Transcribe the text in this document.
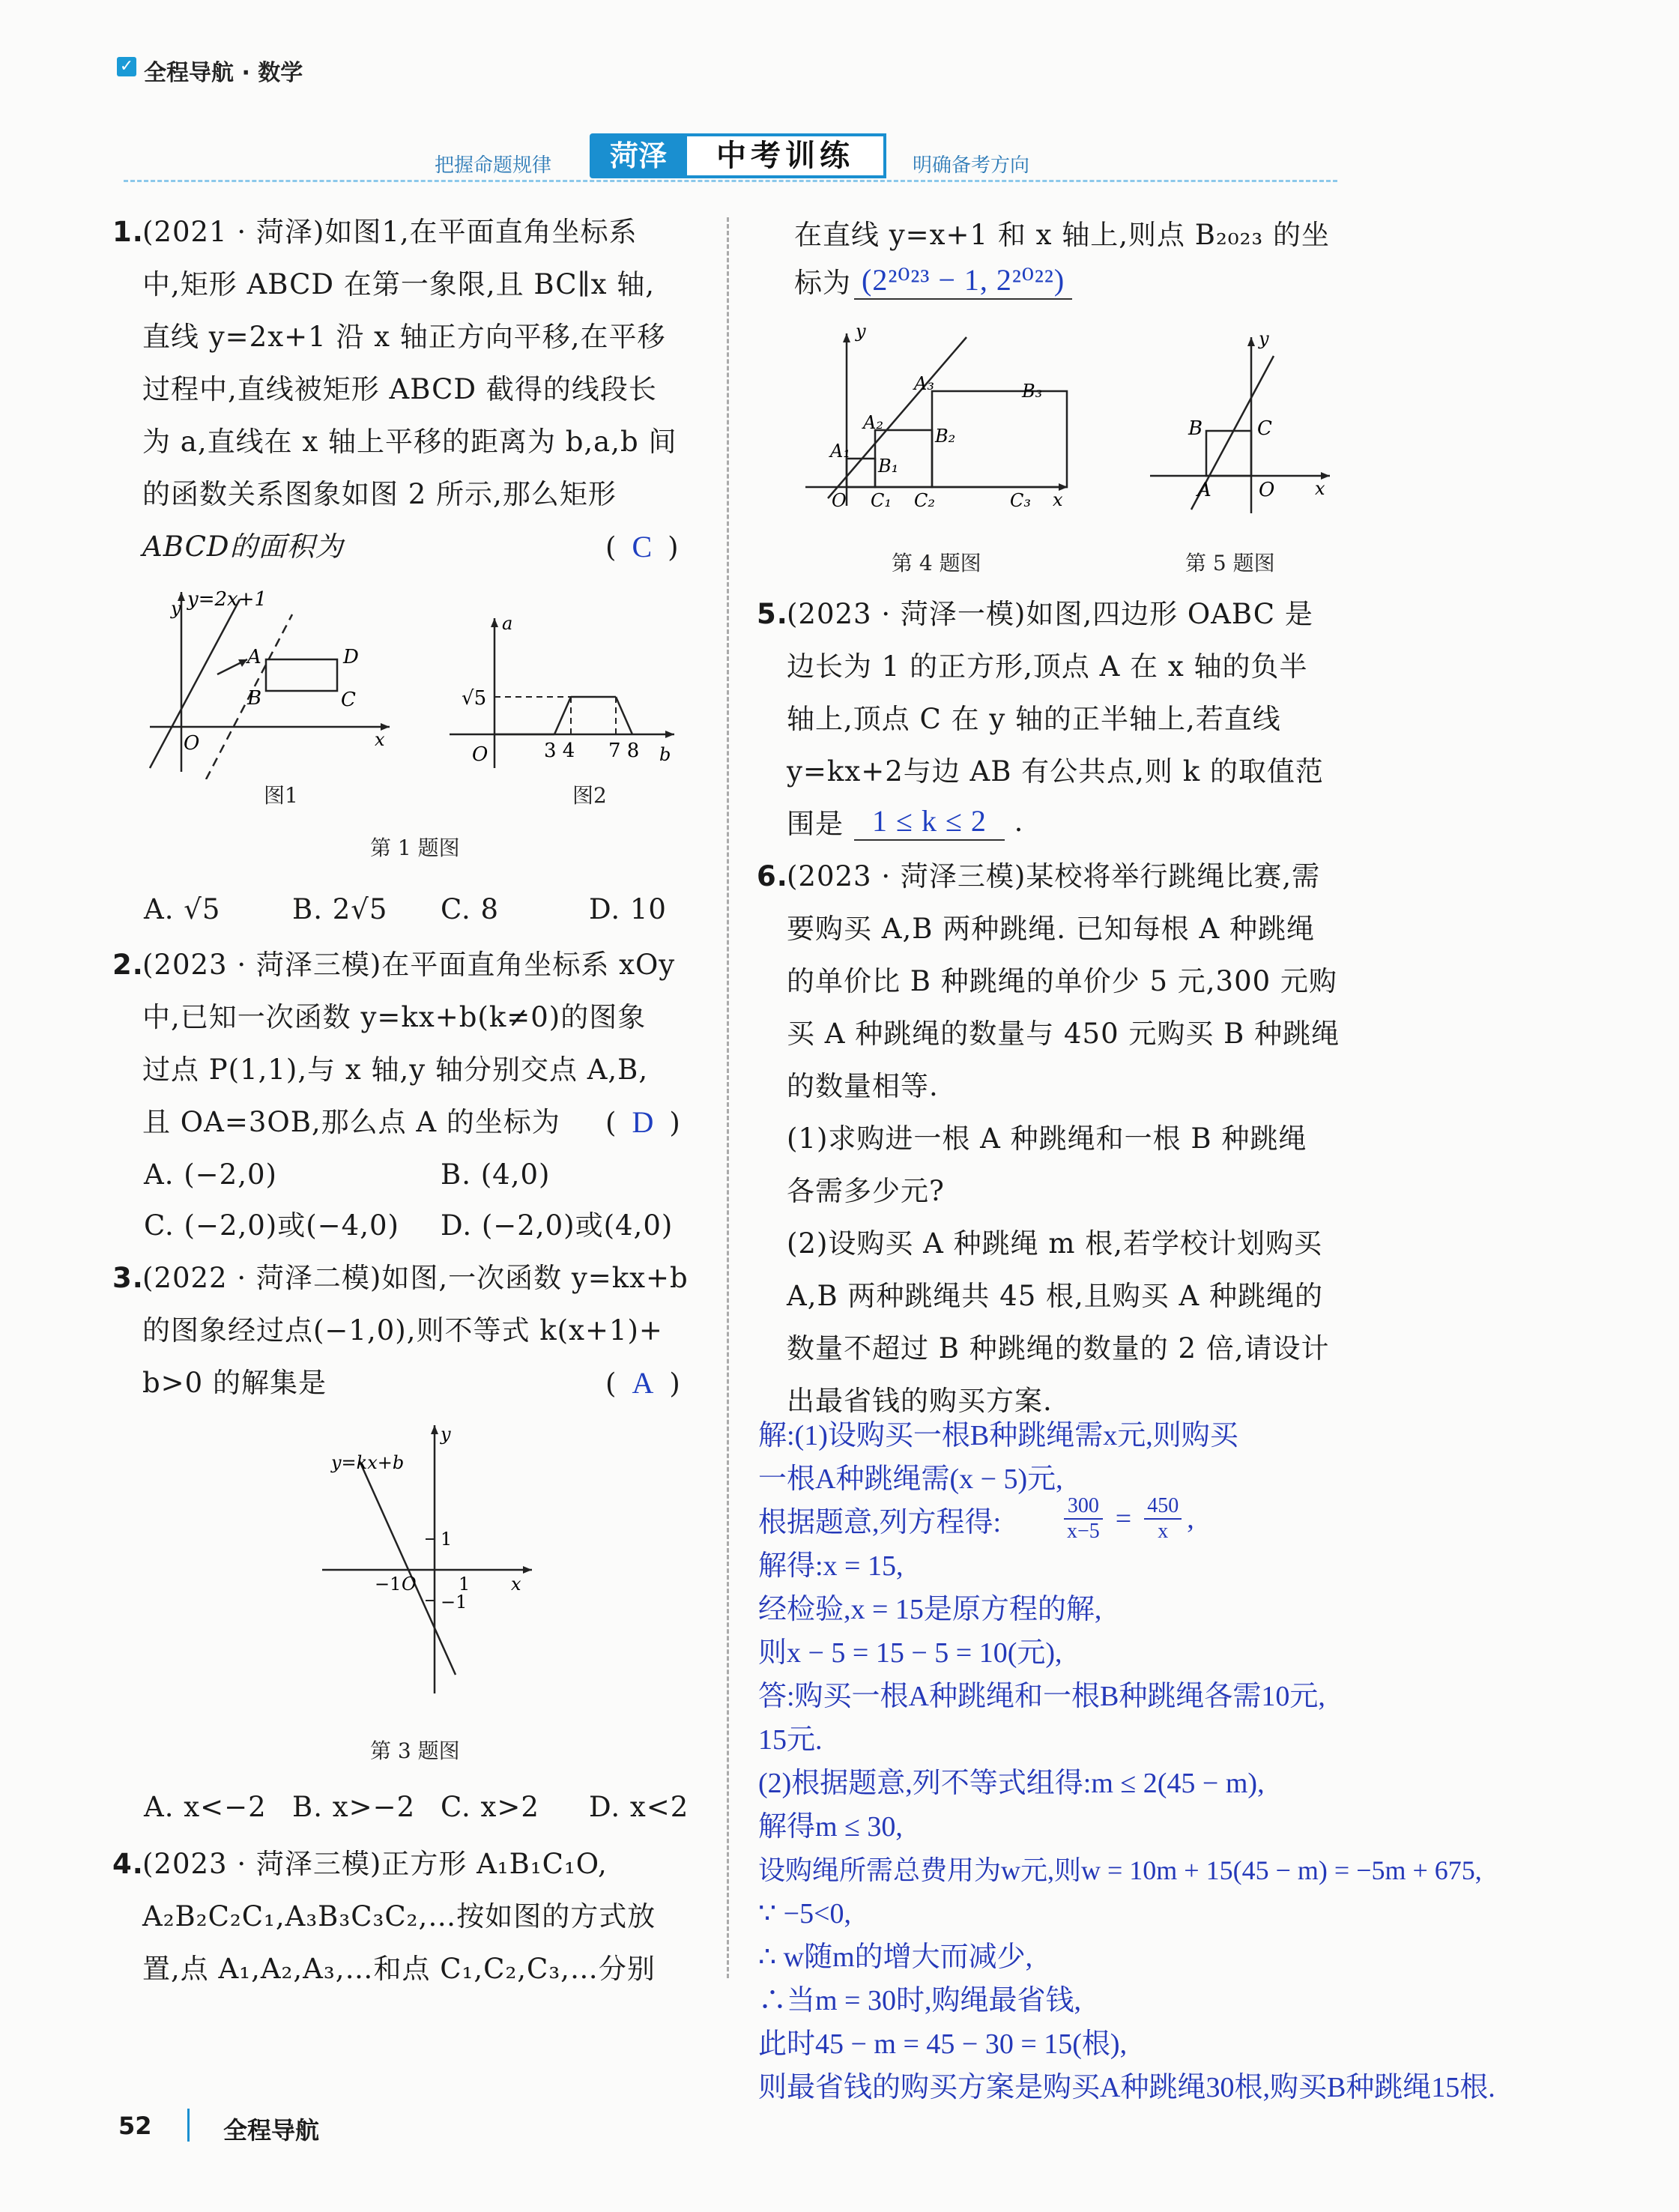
✓ 全程导航 · 数学
把握命题规律	菏泽	中考训练	明确备考方向
1.
(2021 · 菏泽)如图1,在平面直角坐标系
中,矩形 ABCD 在第一象限,且 BC∥x 轴,
直线 y=2x+1 沿 x 轴正方向平移,在平移
过程中,直线被矩形 ABCD 截得的线段长
为 a,直线在 x 轴上平移的距离为 b,a,b 间
的函数关系图象如图 2 所示,那么矩形
ABCD的面积为	( C )
y=2x+1
y
x
O
A	D
B	C
图1
a
b
O
√5
3 4 7 8
图2
第 1 题图
A. √5	B. 2√5 C. 8	D. 10
2.
(2023 · 菏泽三模)在平面直角坐标系 xOy
中,已知一次函数 y=kx+b(k≠0)的图象
过点 P(1,1),与 x 轴,y 轴分别交点 A,B,
且 OA=3OB,那么点 A 的坐标为 ( D )
A. (−2,0)	B. (4,0)
C. (−2,0)或(−4,0) D. (−2,0)或(4,0)
3.
(2022 · 菏泽二模)如图,一次函数 y=kx+b
的图象经过点(−1,0),则不等式 k(x+1)+
b>0 的解集是	( A )
y=kx+b
y
x
1
−1
−1 O 1
第 3 题图
A. x<−2 B. x>−2 C. x>2 D. x<2
4.
(2023 · 菏泽三模)正方形 A₁B₁C₁O,
A₂B₂C₂C₁,A₃B₃C₃C₂,…按如图的方式放
置,点 A₁,A₂,A₃,…和点 C₁,C₂,C₃,…分别
在直线 y=x+1 和 x 轴上,则点 B₂₀₂₃ 的坐
标为 (2²⁰²³ − 1, 2²⁰²²)
y
x
O
A₁
A₂
A₃
B₁
B₂
B₃
C₁ C₂	C₃
第 4 题图
y
x
B	C
A O
第 5 题图
5.
(2023 · 菏泽一模)如图,四边形 OABC 是
边长为 1 的正方形,顶点 A 在 x 轴的负半
轴上,顶点 C 在 y 轴的正半轴上,若直线
y=kx+2与边 AB 有公共点,则 k 的取值范
围是 1 ≤ k ≤ 2 .
6.
(2023 · 菏泽三模)某校将举行跳绳比赛,需
要购买 A,B 两种跳绳. 已知每根 A 种跳绳
的单价比 B 种跳绳的单价少 5 元,300 元购
买 A 种跳绳的数量与 450 元购买 B 种跳绳
的数量相等.
(1)求购进一根 A 种跳绳和一根 B 种跳绳
各需多少元?
(2)设购买 A 种跳绳 m 根,若学校计划购买
A,B 两种跳绳共 45 根,且购买 A 种跳绳的
数量不超过 B 种跳绳的数量的 2 倍,请设计
出最省钱的购买方案.
解:(1)设购买一根B种跳绳需x元,则购买
一根A种跳绳需(x − 5)元,
根据题意,列方程得:	$\frac{300}{x-5} = \frac{450}{x}$ ,
解得:x = 15,
经检验,x = 15是原方程的解,
则x − 5 = 15 − 5 = 10(元),
答:购买一根A种跳绳和一根B种跳绳各需10元,
15元.
(2)根据题意,列不等式组得:m ≤ 2(45 − m),
解得m ≤ 30,
设购绳所需总费用为w元,则w = 10m + 15(45 − m) = −5m + 675,
∵ −5<0,
∴ w随m的增大而减少,
∴当m = 30时,购绳最省钱,
此时45 − m = 45 − 30 = 15(根),
则最省钱的购买方案是购买A种跳绳30根,购买B种跳绳15根.
52	全程导航
